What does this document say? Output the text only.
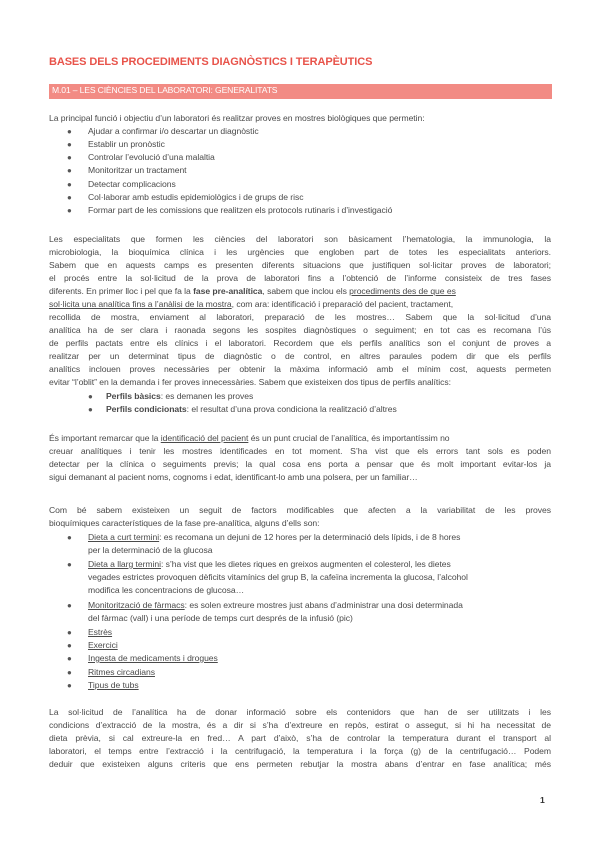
BASES DELS PROCEDIMENTS DIAGNÒSTICS I TERAPÈUTICS
M.01 – LES CIÈNCIES DEL LABORATORI: GENERALITATS
La principal funció i objectiu d’un laboratori és realitzar proves en mostres biològiques que permetin:
● Ajudar a confirmar i/o descartar un diagnòstic
● Establir un pronòstic
● Controlar l’evolució d’una malaltia
● Monitoritzar un tractament
● Detectar complicacions
● Col·laborar amb estudis epidemiològics i de grups de risc
● Formar part de les comissions que realitzen els protocols rutinaris i d’investigació
Les especialitats que formen les ciències del laboratori son bàsicament l’hematologia, la immunologia, la
microbiologia, la bioquímica clínica i les urgències que engloben part de totes les especialitats anteriors.
Sabem que en aquests camps es presenten diferents situacions que justifiquen sol·licitar proves de laboratori;
el procés entre la sol·licitud de la prova de laboratori fins a l’obtenció de l’informe consisteix de tres fases
diferents. En primer lloc i pel que fa la fase pre-analítica, sabem que inclou els procediments des de que es
sol·licita una analítica fins a l’anàlisi de la mostra, com ara: identificació i preparació del pacient, tractament,
recollida de mostra, enviament al laboratori, preparació de les mostres… Sabem que la sol·licitud d’una
analítica ha de ser clara i raonada segons les sospites diagnòstiques o seguiment; en tot cas es recomana l’ús
de perfils pactats entre els clínics i el laboratori. Recordem que els perfils analítics son el conjunt de proves a
realitzar per un determinat tipus de diagnòstic o de control, en altres paraules podem dir que els perfils
analítics inclouen proves necessàries per obtenir la màxima informació amb el mínim cost, aquests permeten
evitar “l’oblit” en la demanda i fer proves innecessàries. Sabem que existeixen dos tipus de perfils analítics:
● Perfils bàsics: es demanen les proves
● Perfils condicionats: el resultat d’una prova condiciona la realització d’altres
És important remarcar que la identificació del pacient és un punt crucial de l’analítica, és importantíssim no
creuar analítiques i tenir les mostres identificades en tot moment. S’ha vist que els errors tant sols es poden
detectar per la clínica o seguiments previs; la qual cosa ens porta a pensar que és molt important evitar-los ja
sigui demanant al pacient noms, cognoms i edat, identificant-lo amb una polsera, per un familiar…
Com bé sabem existeixen un seguit de factors modificables que afecten a la variabilitat de les proves
bioquímiques característiques de la fase pre-analítica, alguns d’ells son:
● Dieta a curt termini: es recomana un dejuni de 12 hores per la determinació dels lípids, i de 8 hores
per la determinació de la glucosa
● Dieta a llarg termini: s’ha vist que les dietes riques en greixos augmenten el colesterol, les dietes
vegades estrictes provoquen dèficits vitamínics del grup B, la cafeïna incrementa la glucosa, l’alcohol
modifica les concentracions de glucosa…
● Monitorització de fàrmacs: es solen extreure mostres just abans d’administrar una dosi determinada
del fàrmac (vall) i una període de temps curt després de la infusió (pic)
● Estrès
● Exercici
● Ingesta de medicaments i drogues
● Ritmes circadians
● Tipus de tubs
La sol·licitud de l’analítica ha de donar informació sobre els contenidors que han de ser utilitzats i les
condicions d’extracció de la mostra, és a dir si s’ha d’extreure en repòs, estirat o assegut, si hi ha necessitat de
dieta prèvia, si cal extreure-la en fred… A part d’això, s’ha de controlar la temperatura durant el transport al
laboratori, el temps entre l’extracció i la centrifugació, la temperatura i la força (g) de la centrifugació… Podem
deduir que existeixen alguns criteris que ens permeten rebutjar la mostra abans d’entrar en fase analítica; més
1
